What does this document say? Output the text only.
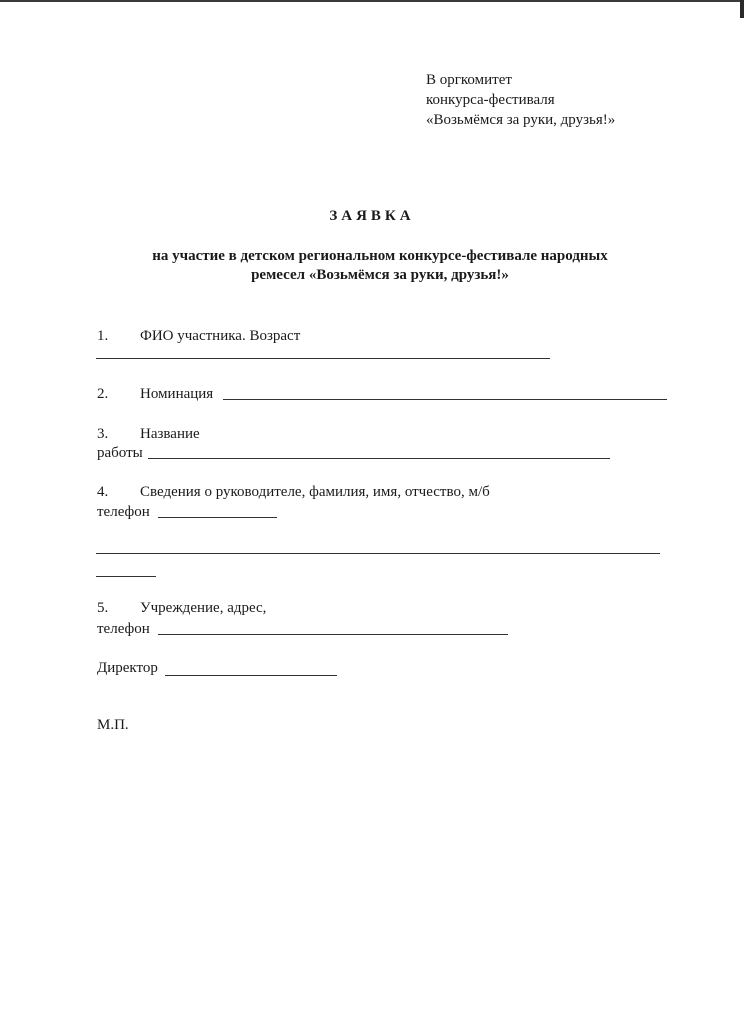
В оргкомитет
конкурса-фестиваля
«Возьмёмся за руки, друзья!»
ЗАЯВКА
на участие в детском региональном конкурсе-фестивале народных
ремесел «Возьмёмся за руки, друзья!»
1. ФИО участника. Возраст
2. Номинация
3. Название
работы
4. Сведения о руководителе, фамилия, имя, отчество, м/б
телефон
5. Учреждение, адрес,
телефон
Директор
М.П.
